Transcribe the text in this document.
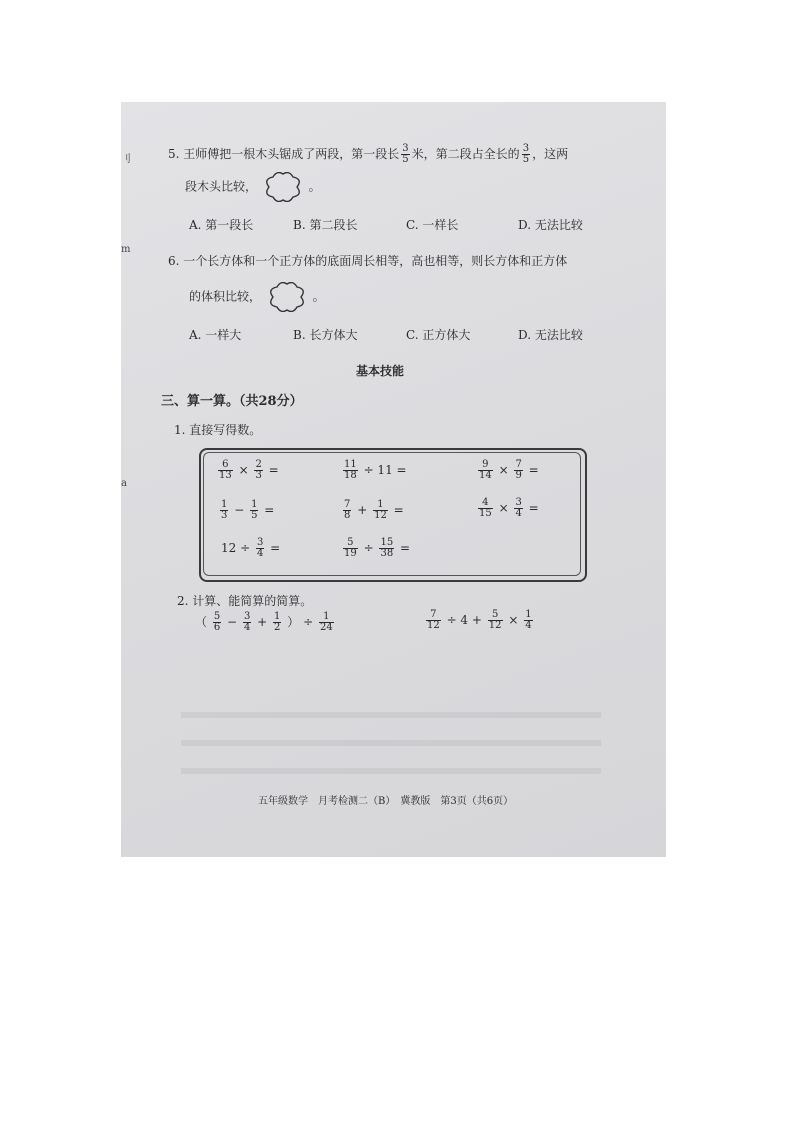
刂
m
a
5. 王师傅把一根木头锯成了两段，第一段长 $\frac{3}{5}$ 米，第二段占全长的 $\frac{3}{5}$ ，这两
段木头比较，	。
A. 第一段长	B. 第二段长	C. 一样长	D. 无法比较
6. 一个长方体和一个正方体的底面周长相等，高也相等，则长方体和正方体
的体积比较，	。
A. 一样大	B. 长方体大	C. 正方体大	D. 无法比较
基本技能
三、算一算。（共28分）
1. 直接写得数。
$\frac{6}{13} \times \frac{2}{3}$ =	$\frac{11}{18} \div 11$ =	$\frac{9}{14} \times \frac{7}{9}$ =
$\frac{1}{3} - \frac{1}{5}$ =	$\frac{7}{8} + \frac{1}{12}$ =	$\frac{4}{15} \times \frac{3}{4}$ =
$12 \div \frac{3}{4}$ =	$\frac{5}{19} \div \frac{15}{38}$ =
2. 计算、能简算的简算。
（ $\frac{5}{6} - \frac{3}{4} + \frac{1}{2}$ ） ÷ $\frac{1}{24}$	$\frac{7}{12} \div 4 + \frac{5}{12} \times \frac{1}{4}$
五年级数学　月考检测二（B）　冀教版　第3页（共6页）
